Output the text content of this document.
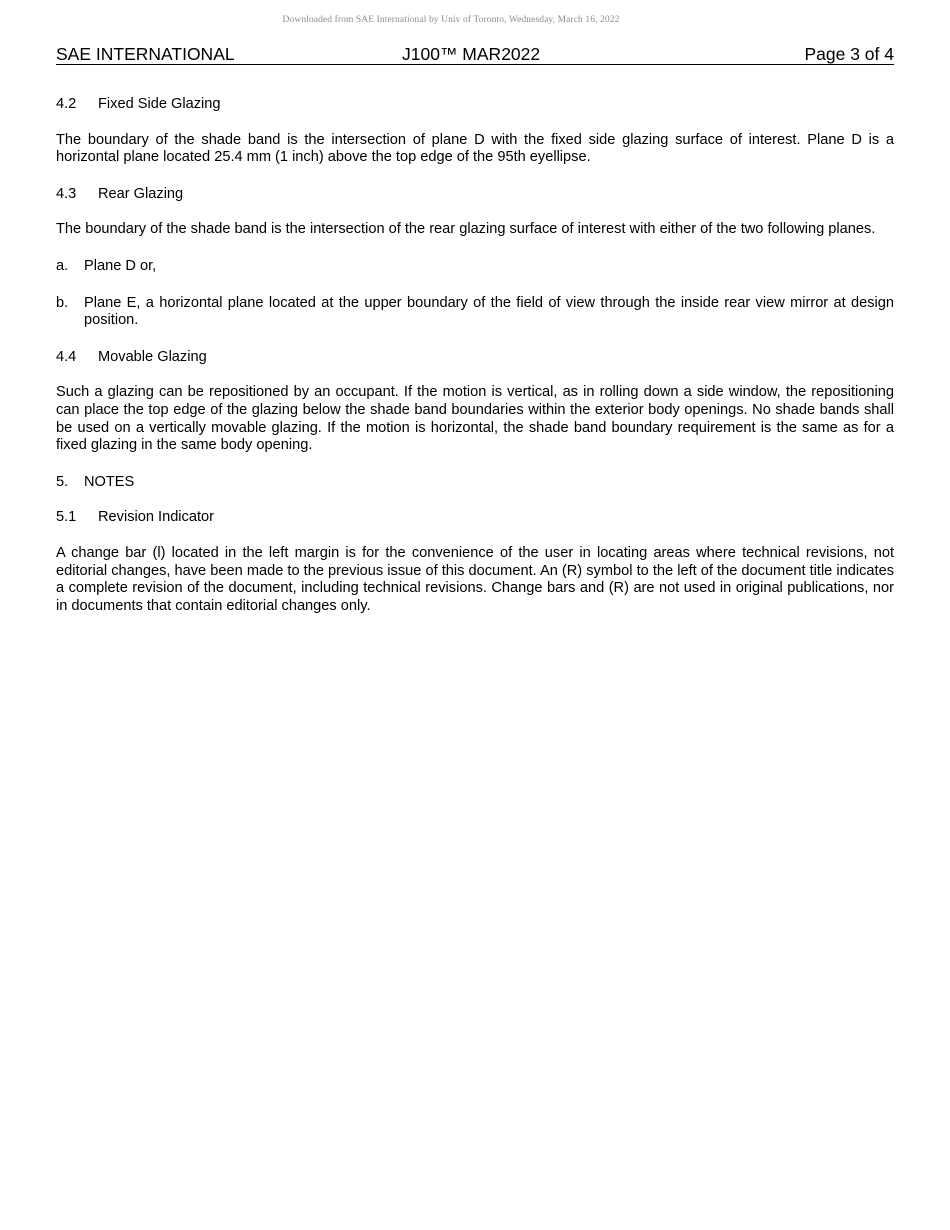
Downloaded from SAE International by Univ of Toronto, Wednesday, March 16, 2022
SAE INTERNATIONAL	J100™ MAR2022	Page 3 of 4
4.2 Fixed Side Glazing

The boundary of the shade band is the intersection of plane D with the fixed side glazing surface of interest. Plane D is a horizontal plane located 25.4 mm (1 inch) above the top edge of the 95th eyellipse.

4.3 Rear Glazing

The boundary of the shade band is the intersection of the rear glazing surface of interest with either of the two following planes.

a.	Plane D or,
b.	Plane E, a horizontal plane located at the upper boundary of the field of view through the inside rear view mirror at design position.
4.4 Movable Glazing

Such a glazing can be repositioned by an occupant. If the motion is vertical, as in rolling down a side window, the repositioning can place the top edge of the glazing below the shade band boundaries within the exterior body openings. No shade bands shall be used on a vertically movable glazing. If the motion is horizontal, the shade band boundary requirement is the same as for a fixed glazing in the same body opening.

5. NOTES
5.1 Revision Indicator

A change bar (l) located in the left margin is for the convenience of the user in locating areas where technical revisions, not editorial changes, have been made to the previous issue of this document. An (R) symbol to the left of the document title indicates a complete revision of the document, including technical revisions. Change bars and (R) are not used in original publications, nor in documents that contain editorial changes only.
